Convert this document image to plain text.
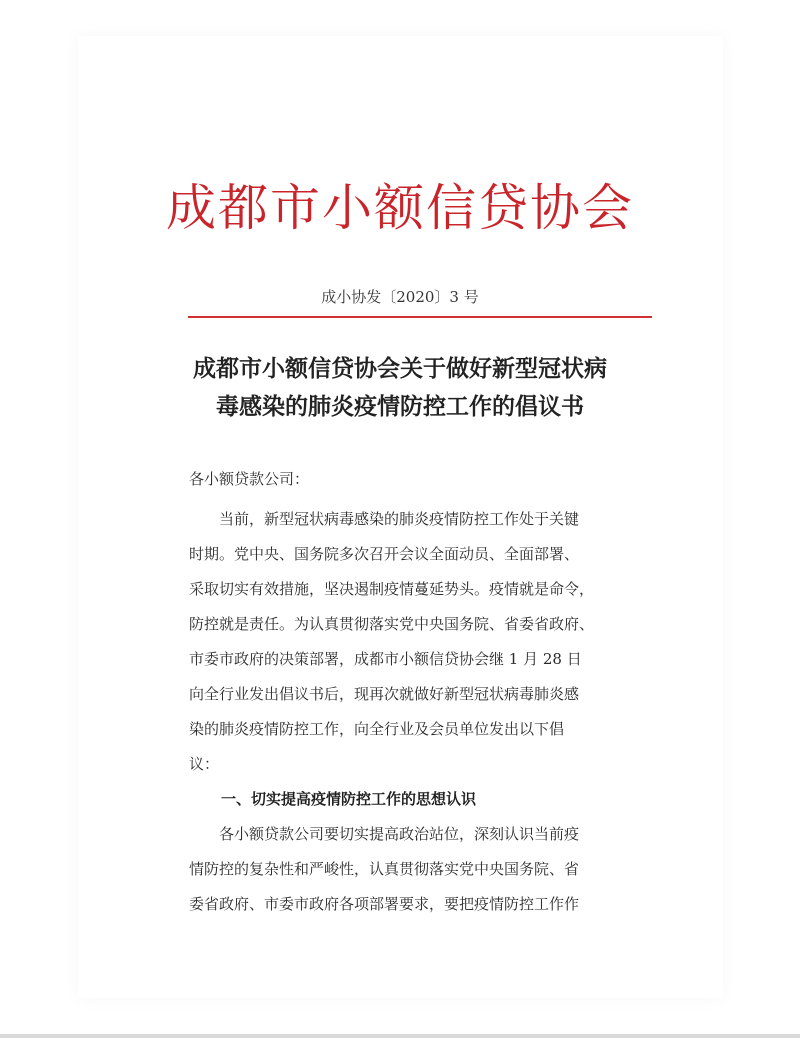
成都市小额信贷协会
成小协发〔2020〕3 号
成都市小额信贷协会关于做好新型冠状病
毒感染的肺炎疫情防控工作的倡议书
各小额贷款公司：

当前，新型冠状病毒感染的肺炎疫情防控工作处于关键

时期。党中央、国务院多次召开会议全面动员、全面部署、

采取切实有效措施，坚决遏制疫情蔓延势头。疫情就是命令，

防控就是责任。为认真贯彻落实党中央国务院、省委省政府、

市委市政府的决策部署，成都市小额信贷协会继 1 月 28 日

向全行业发出倡议书后，现再次就做好新型冠状病毒肺炎感

染的肺炎疫情防控工作，向全行业及会员单位发出以下倡

议：

一、切实提高疫情防控工作的思想认识

各小额贷款公司要切实提高政治站位，深刻认识当前疫

情防控的复杂性和严峻性，认真贯彻落实党中央国务院、省

委省政府、市委市政府各项部署要求，要把疫情防控工作作
